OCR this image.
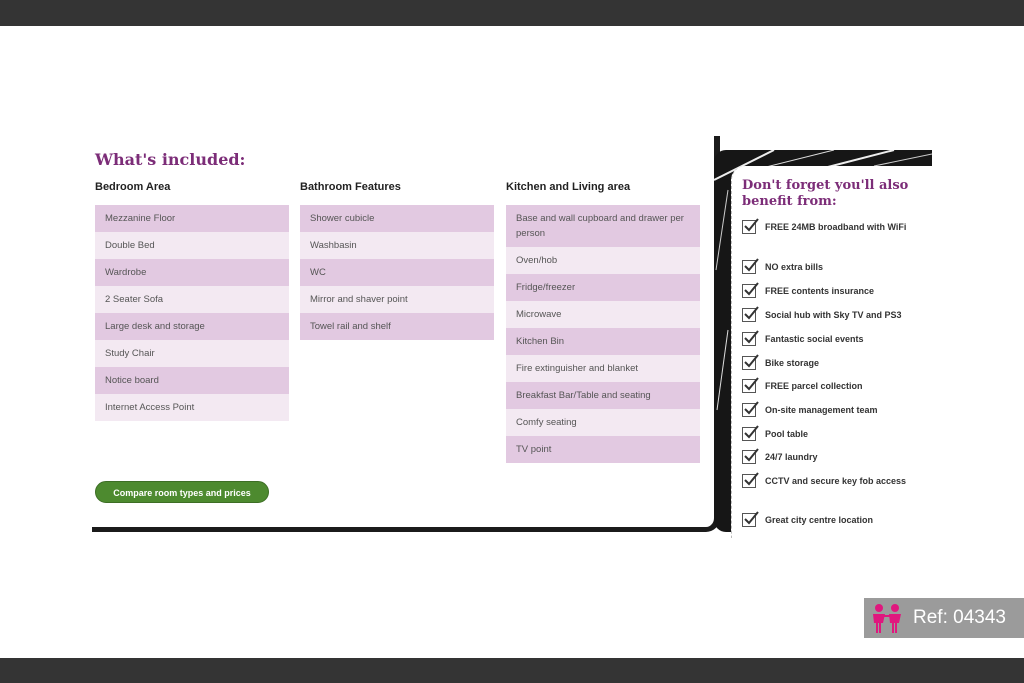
What's included:
Bedroom Area	Bathroom Features	Kitchen and Living area
Mezzanine Floor
Double Bed
Wardrobe
2 Seater Sofa
Large desk and storage
Study Chair
Notice board
Internet Access Point
Shower cubicle
Washbasin
WC
Mirror and shaver point
Towel rail and shelf
Base and wall cupboard and drawer per person
Oven/hob
Fridge/freezer
Microwave
Kitchen Bin
Fire extinguisher and blanket
Breakfast Bar/Table and seating
Comfy seating
TV point
Compare room types and prices
Don't forget you'll also benefit from:
FREE 24MB broadband with WiFi
NO extra bills
FREE contents insurance
Social hub with Sky TV and PS3
Fantastic social events
Bike storage
FREE parcel collection
On-site management team
Pool table
24/7 laundry
CCTV and secure key fob access
Great city centre location
Ref: 04343
